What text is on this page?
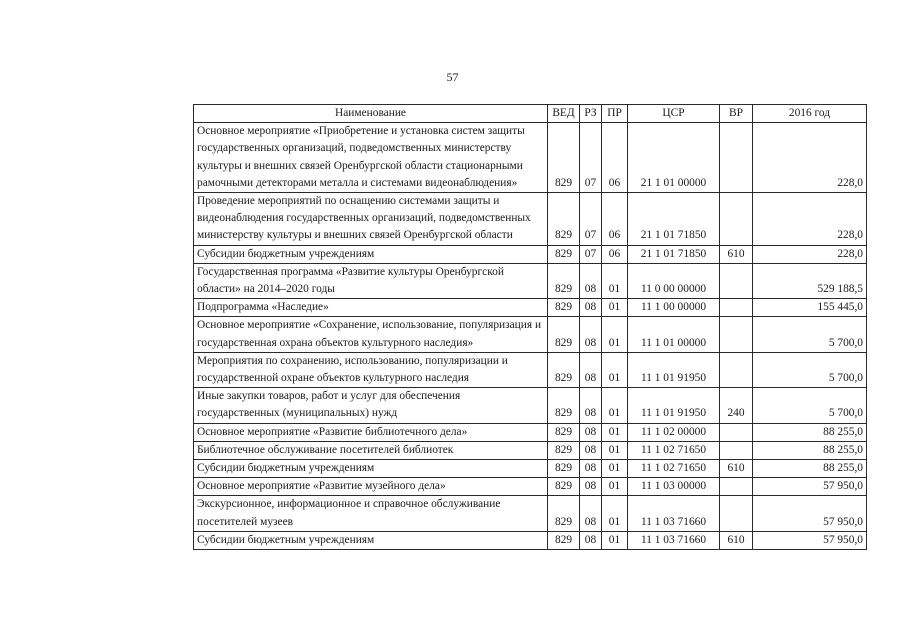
57
Наименование	ВЕД	РЗ	ПР	ЦСР	ВР	2016 год
Основное мероприятие «Приобретение и установка систем защиты государственных организаций, подведомственных министерству культуры и внешних связей Оренбургской области стационарными рамочными детекторами металла и системами видеонаблюдения»	829	07	06	21 1 01 00000		228,0
Проведение мероприятий по оснащению системами защиты и видеонаблюдения государственных организаций, подведомственных министерству культуры и внешних связей Оренбургской области	829	07	06	21 1 01 71850		228,0
Субсидии бюджетным учреждениям	829	07	06	21 1 01 71850	610	228,0
Государственная программа «Развитие культуры Оренбургской области» на 2014–2020 годы	829	08	01	11 0 00 00000		529 188,5
Подпрограмма «Наследие»	829	08	01	11 1 00 00000		155 445,0
Основное мероприятие «Сохранение, использование, популяризация и государственная охрана объектов культурного наследия»	829	08	01	11 1 01 00000		5 700,0
Мероприятия по сохранению, использованию, популяризации и государственной охране объектов культурного наследия	829	08	01	11 1 01 91950		5 700,0
Иные закупки товаров, работ и услуг для обеспечения государственных (муниципальных) нужд	829	08	01	11 1 01 91950	240	5 700,0
Основное мероприятие «Развитие библиотечного дела»	829	08	01	11 1 02 00000		88 255,0
Библиотечное обслуживание посетителей библиотек	829	08	01	11 1 02 71650		88 255,0
Субсидии бюджетным учреждениям	829	08	01	11 1 02 71650	610	88 255,0
Основное мероприятие «Развитие музейного дела»	829	08	01	11 1 03 00000		57 950,0
Экскурсионное, информационное и справочное обслуживание посетителей музеев	829	08	01	11 1 03 71660		57 950,0
Субсидии бюджетным учреждениям	829	08	01	11 1 03 71660	610	57 950,0
